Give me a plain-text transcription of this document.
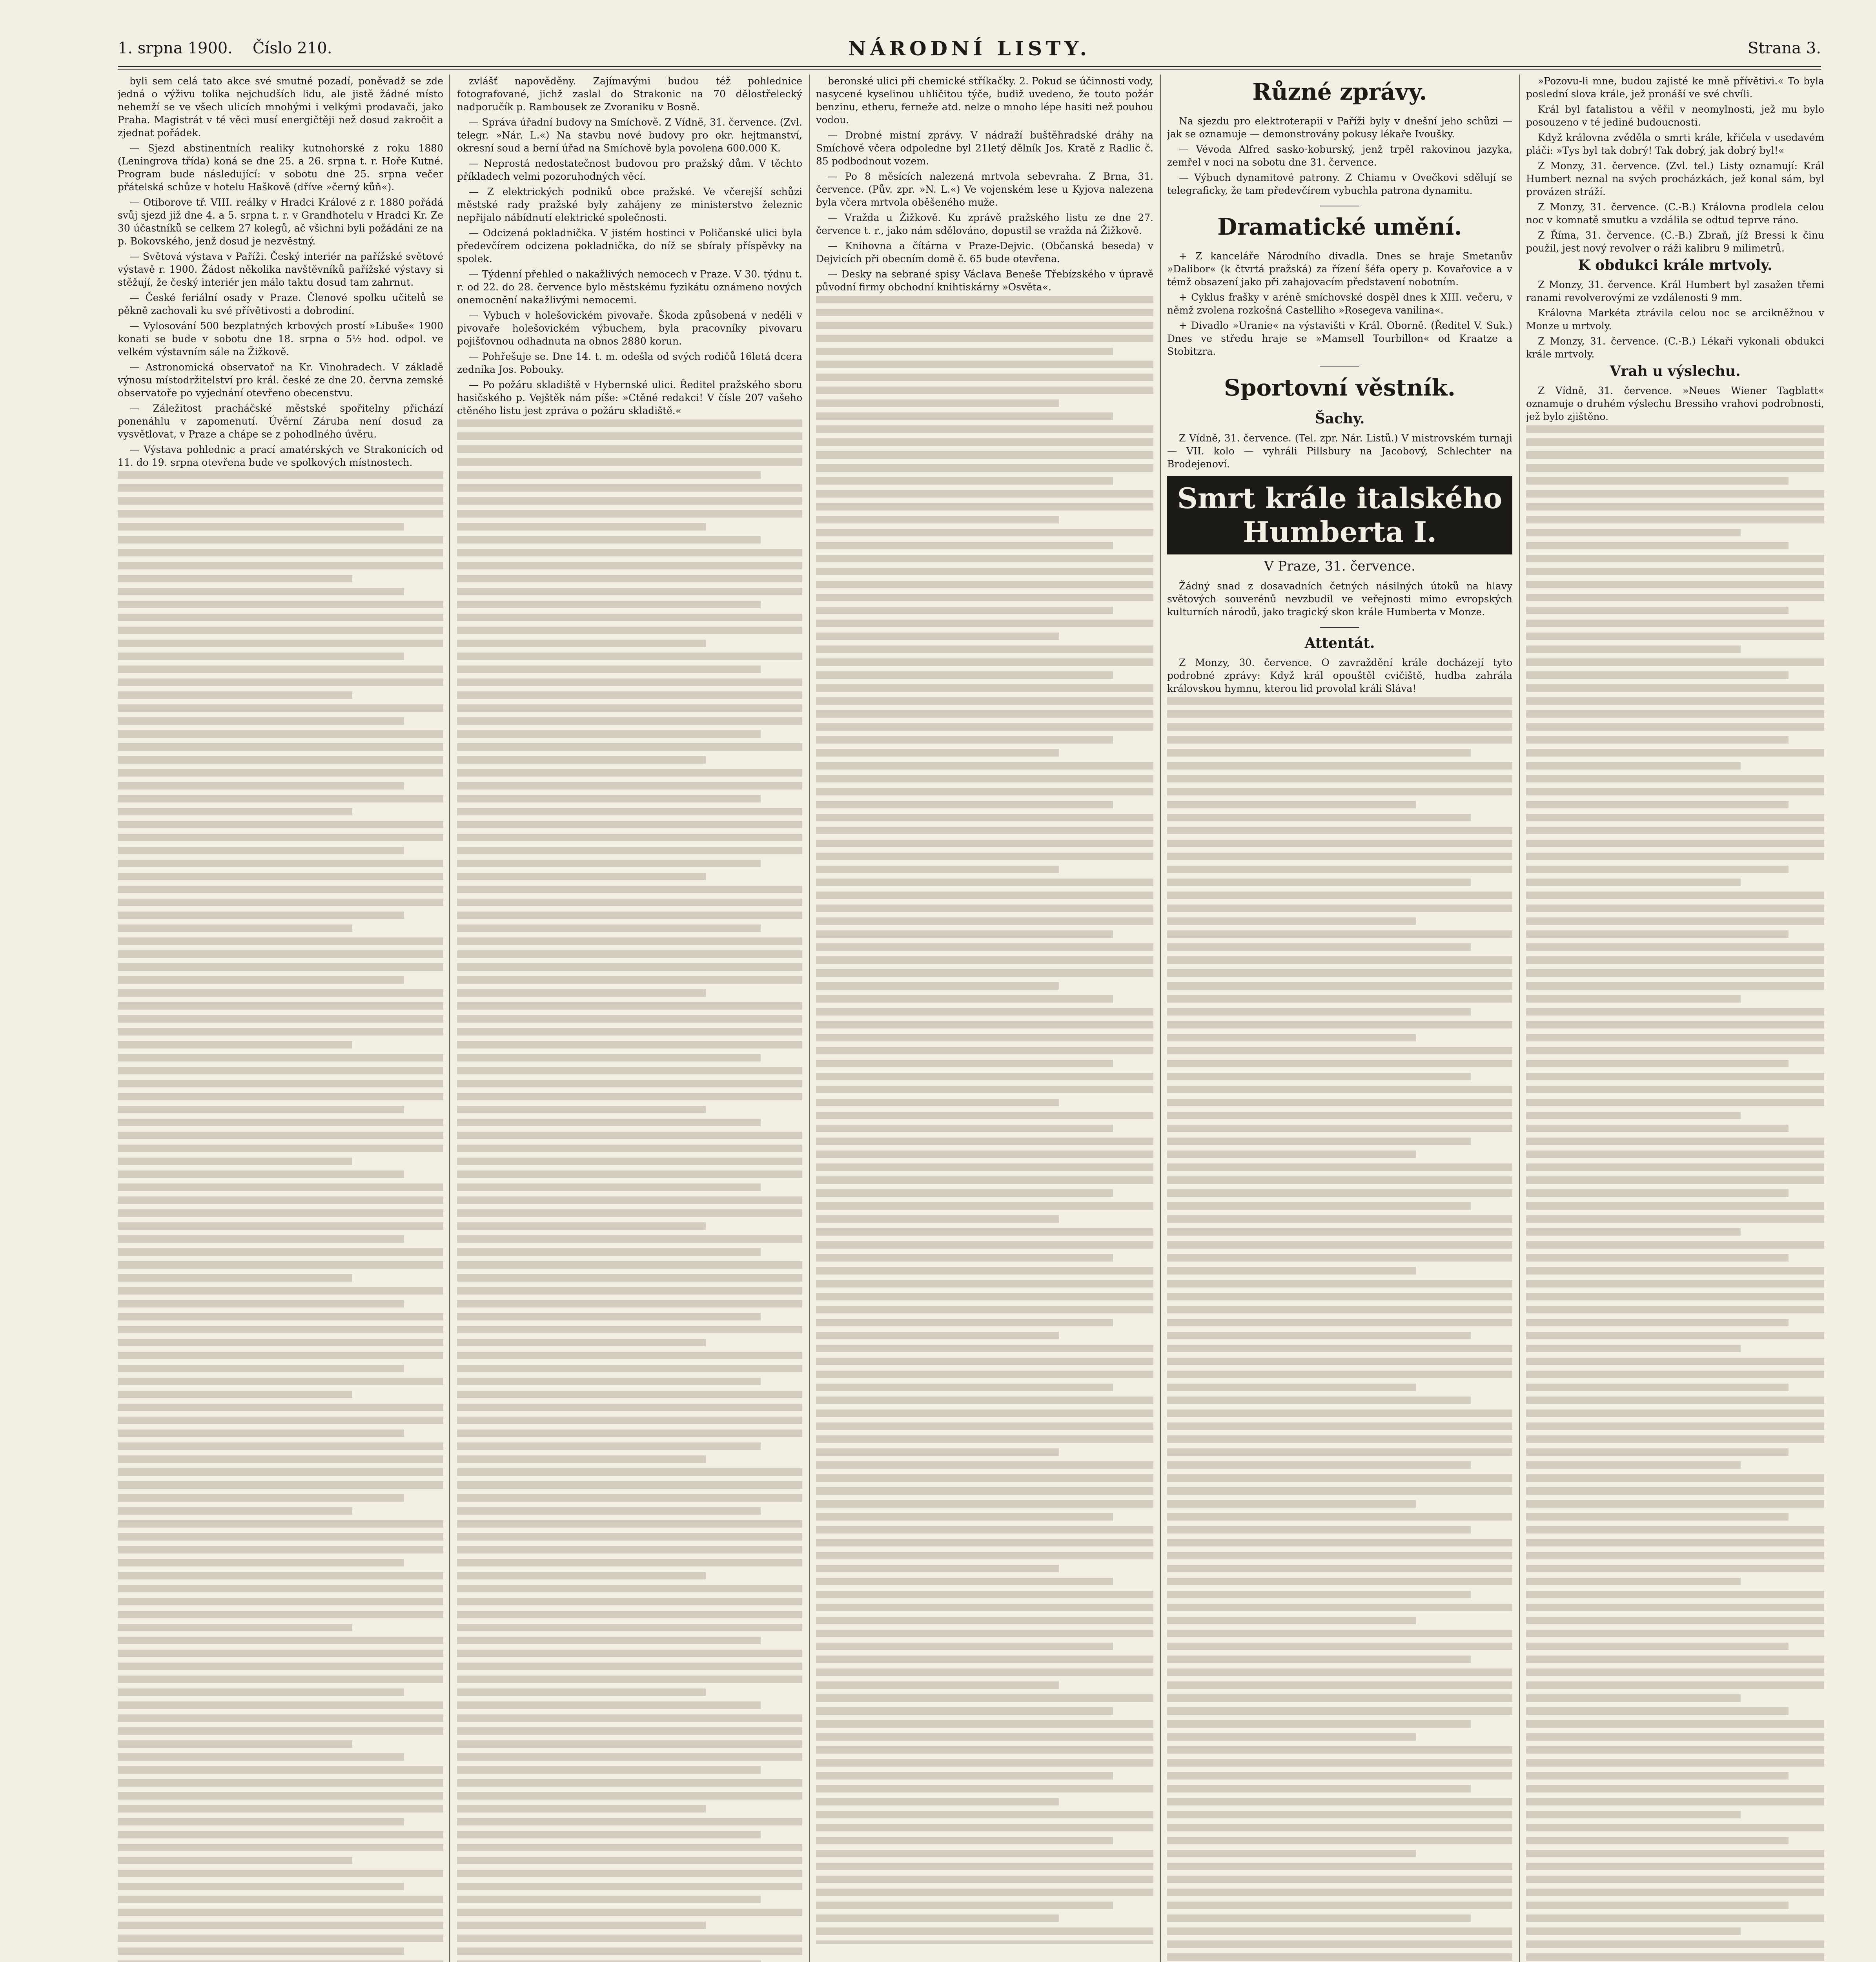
1. srpna 1900. Číslo 210.	NÁRODNÍ LISTY.	Strana 3.

byli sem celá tato akce své smutné pozadí, poněvadž se zde jedná o výživu tolika nejchudších lidu, ale jistě žádné místo nehemží se ve všech ulicích mnohými i velkými prodavači, jako Praha. Magistrát v té věci musí energičtěji než dosud zakročit a zjednat pořádek.

— Sjezd abstinentních realiky kutnohorské z roku 1880 (Leningrova třída) koná se dne 25. a 26. srpna t. r. Hoře Kutné. Program bude následující: v sobotu dne 25. srpna večer přátelská schůze v hotelu Haškově (dříve »černý kůň«).

— Otiborove tř. VIII. reálky v Hradci Králové z r. 1880 pořádá svůj sjezd již dne 4. a 5. srpna t. r. v Grandhotelu v Hradci Kr. Ze 30 účastníků se celkem 27 kolegů, ač všichni byli požádáni ze na p. Bokovského, jenž dosud je nezvěstný.

— Světová výstava v Paříži. Český interiér na pařížské světové výstavě r. 1900. Žádost několika navštěvníků pařížské výstavy si stěžují, že český interiér jen málo taktu dosud tam zahrnut.

— České feriální osady v Praze. Členové spolku učitelů se pěkně zachovali ku své přívětivosti a dobrodiní.

— Vylosování 500 bezplatných krbových prostí »Libuše« 1900 konati se bude v sobotu dne 18. srpna o 5½ hod. odpol. ve velkém výstavním sále na Žižkově.

— Astronomická observatoř na Kr. Vinohradech. V základě výnosu místodržitelství pro král. české ze dne 20. června zemské observatoře po vyjednání otevřeno obecenstvu.

— Záležitost pracháčské městské spořitelny přichází ponenáhlu v zapomenutí. Úvěrní Záruba není dosud za vysvětlovat, v Praze a chápe se z pohodlného úvěru.

— Výstava pohlednic a prací amatérských ve Strakonicích od 11. do 19. srpna otevřena bude ve spolkových místnostech.

zvlášť napověděny. Zajímavými budou též pohlednice fotografované, jichž zaslal do Strakonic na 70 dělostřelecký nadporučík p. Rambousek ze Zvoraniku v Bosně.

— Správa úřadní budovy na Smíchově. Z Vídně, 31. července. (Zvl. telegr. »Nár. L.«) Na stavbu nové budovy pro okr. hejtmanství, okresní soud a berní úřad na Smíchově byla povolena 600.000 K.

— Neprostá nedostatečnost budovou pro pražský dům. V těchto příkladech velmi pozoruhodných věcí.

— Z elektrických podniků obce pražské. Ve včerejší schůzi městské rady pražské byly zahájeny ze ministerstvo železnic nepřijalo nábídnutí elektrické společnosti.

— Odcizená pokladnička. V jistém hostinci v Poličanské ulici byla předevčírem odcizena pokladnička, do níž se sbíraly příspěvky na spolek.

— Týdenní přehled o nakažlivých nemocech v Praze. V 30. týdnu t. r. od 22. do 28. července bylo městskému fyzikátu oznámeno nových onemocnění nakažlivými nemocemi.

— Vybuch v holešovickém pivovaře. Škoda způsobená v neděli v pivovaře holešovickém výbuchem, byla pracovníky pivovaru pojišťovnou odhadnuta na obnos 2880 korun.

— Pohřešuje se. Dne 14. t. m. odešla od svých rodičů 16letá dcera zedníka Jos. Pobouky.

— Po požáru skladiště v Hybernské ulici. Ředitel pražského sboru hasičského p. Vejštěk nám píše: »Ctěné redakci! V čísle 207 vašeho ctěného listu jest zpráva o požáru skladiště.«

beronské ulici při chemické stříkačky. 2. Pokud se účinnosti vody, nasycené kyselinou uhličitou týče, budiž uvedeno, že touto požár benzinu, etheru, ferneže atd. nelze o mnoho lépe hasiti než pouhou vodou.

— Drobné mistní zprávy. V nádraží buštěhradské dráhy na Smíchově včera odpoledne byl 21letý dělník Jos. Kratě z Radlic č. 85 podbodnout vozem.

— Po 8 měsících nalezená mrtvola sebevraha. Z Brna, 31. července. (Pův. zpr. »N. L.«) Ve vojenském lese u Kyjova nalezena byla včera mrtvola oběšeného muže.

— Vražda u Žižkově. Ku zprávě pražského listu ze dne 27. července t. r., jako nám sdělováno, dopustil se vražda ná Žižkově.

— Knihovna a čítárna v Praze-Dejvic. (Občanská beseda) v Dejvicích při obecním domě č. 65 bude otevřena.

— Desky na sebrané spisy Václava Beneše Třebízského v úpravě původní firmy obchodní knihtiskárny »Osvěta«.

Různé zprávy.

Na sjezdu pro elektroterapii v Paříži byly v dnešní jeho schůzi — jak se oznamuje — demonstrovány pokusy lékaře Ivoušky.

— Vévoda Alfred sasko-koburský, jenž trpěl rakovinou jazyka, zemřel v noci na sobotu dne 31. července.

— Výbuch dynamitové patrony. Z Chiamu v Ovečkovi sdělují se telegraficky, že tam předevčírem vybuchla patrona dynamitu.

Dramatické umění.

+ Z kanceláře Národního divadla. Dnes se hraje Smetanův »Dalibor« (k čtvrtá pražská) za řízení šéfa opery p. Kovařovice a v témž obsazení jako při zahajovacím představení nobotním.

+ Cyklus frašky v aréně smíchovské dospěl dnes k XIII. večeru, v němž zvolena rozkošná Castelliho »Rosegeva vanilina«.

+ Divadlo »Uranie« na výstavišti v Král. Oborně. (Ředitel V. Suk.) Dnes ve středu hraje se »Mamsell Tourbillon« od Kraatze a Stobitzra.

Sportovní věstník.
Šachy.

Z Vídně, 31. července. (Tel. zpr. Nár. Listů.) V mistrovském turnaji — VII. kolo — vyhráli Pillsbury na Jacobový, Schlechter na Brodejenoví.

Smrt krále italského
Humberta I.
V Praze, 31. července.

Žádný snad z dosavadních četných násilných útoků na hlavy světových souverénů nevzbudil ve veřejnosti mimo evropských kulturních národů, jako tragický skon krále Humberta v Monze.

Attentát.

Z Monzy, 30. července. O zavraždění krále docházejí tyto podrobné zprávy: Když král opouštěl cvičiště, hudba zahrála královskou hymnu, kterou lid provolal králi Sláva!

»Pozovu-li mne, budou zajisté ke mně přívětivi.« To byla poslední slova krále, jež pronáší ve své chvíli.

Král byl fatalistou a věřil v neomylnosti, jež mu bylo posouzeno v té jediné budoucnosti.

Když královna zvěděla o smrti krále, křičela v usedavém pláči: »Tys byl tak dobrý! Tak dobrý, jak dobrý byl!«

Z Monzy, 31. července. (Zvl. tel.) Listy oznamují: Král Humbert neznal na svých procházkách, jež konal sám, byl provázen stráží.

Z Monzy, 31. července. (C.-B.) Královna prodlela celou noc v komnatě smutku a vzdálila se odtud teprve ráno.

Z Říma, 31. července. (C.-B.) Zbraň, jíž Bressi k činu použil, jest nový revolver o ráži kalibru 9 milimetrů.

K obdukci krále mrtvoly.

Z Monzy, 31. července. Král Humbert byl zasažen třemi ranami revolverovými ze vzdálenosti 9 mm.

Královna Markéta ztrávila celou noc se arcikněžnou v Monze u mrtvoly.

Z Monzy, 31. července. (C.-B.) Lékaři vykonali obdukci krále mrtvoly.

Vrah u výslechu.

Z Vídně, 31. července. »Neues Wiener Tagblatt« oznamuje o druhém výslechu Bressiho vrahovi podrobnosti, jež bylo zjištěno.
